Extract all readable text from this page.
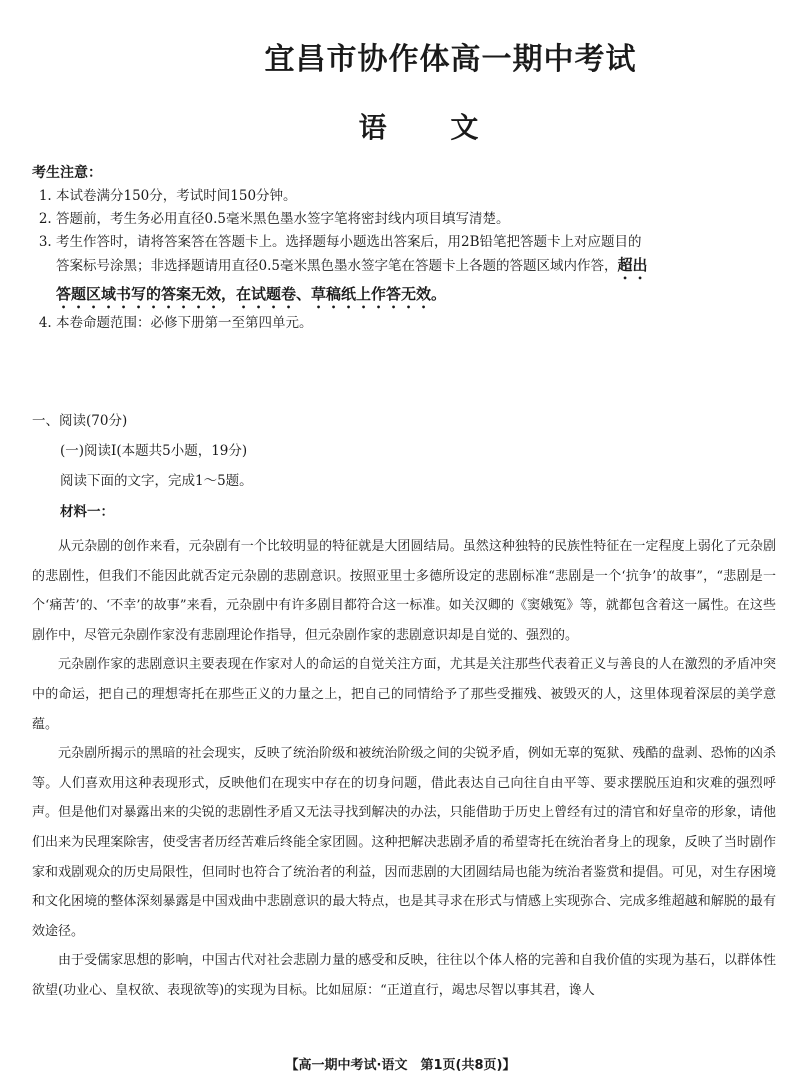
宜昌市协作体高一期中考试
语 文
考生注意：
1. 本试卷满分150分，考试时间150分钟。
2. 答题前，考生务必用直径0.5毫米黑色墨水签字笔将密封线内项目填写清楚。
3. 考生作答时，请将答案答在答题卡上。选择题每小题选出答案后，用2B铅笔把答题卡上对应题目的答案标号涂黑；非选择题请用直径0.5毫米黑色墨水签字笔在答题卡上各题的答题区域内作答，超出答题区域书写的答案无效，在试题卷、草稿纸上作答无效。
4. 本卷命题范围：必修下册第一至第四单元。
一、阅读(70分)
(一)阅读Ⅰ(本题共5小题，19分)
阅读下面的文字，完成1～5题。
材料一：

从元杂剧的创作来看，元杂剧有一个比较明显的特征就是大团圆结局。虽然这种独特的民族性特征在一定程度上弱化了元杂剧的悲剧性，但我们不能因此就否定元杂剧的悲剧意识。按照亚里士多德所设定的悲剧标准“悲剧是一个‘抗争’的故事”，“悲剧是一个‘痛苦’的、‘不幸’的故事”来看，元杂剧中有许多剧目都符合这一标准。如关汉卿的《窦娥冤》等，就都包含着这一属性。在这些剧作中，尽管元杂剧作家没有悲剧理论作指导，但元杂剧作家的悲剧意识却是自觉的、强烈的。

元杂剧作家的悲剧意识主要表现在作家对人的命运的自觉关注方面，尤其是关注那些代表着正义与善良的人在激烈的矛盾冲突中的命运，把自己的理想寄托在那些正义的力量之上，把自己的同情给予了那些受摧残、被毁灭的人，这里体现着深层的美学意蕴。

元杂剧所揭示的黑暗的社会现实，反映了统治阶级和被统治阶级之间的尖锐矛盾，例如无辜的冤狱、残酷的盘剥、恐怖的凶杀等。人们喜欢用这种表现形式，反映他们在现实中存在的切身问题，借此表达自己向往自由平等、要求摆脱压迫和灾难的强烈呼声。但是他们对暴露出来的尖锐的悲剧性矛盾又无法寻找到解决的办法，只能借助于历史上曾经有过的清官和好皇帝的形象，请他们出来为民理案除害，使受害者历经苦难后终能全家团圆。这种把解决悲剧矛盾的希望寄托在统治者身上的现象，反映了当时剧作家和戏剧观众的历史局限性，但同时也符合了统治者的利益，因而悲剧的大团圆结局也能为统治者鉴赏和提倡。可见，对生存困境和文化困境的整体深刻暴露是中国戏曲中悲剧意识的最大特点，也是其寻求在形式与情感上实现弥合、完成多维超越和解脱的最有效途径。

由于受儒家思想的影响，中国古代对社会悲剧力量的感受和反映，往往以个体人格的完善和自我价值的实现为基石，以群体性欲望(功业心、皇权欲、表现欲等)的实现为目标。比如屈原：“正道直行，竭忠尽智以事其君，谗人

【高一期中考试·语文　第1页(共8页)】
